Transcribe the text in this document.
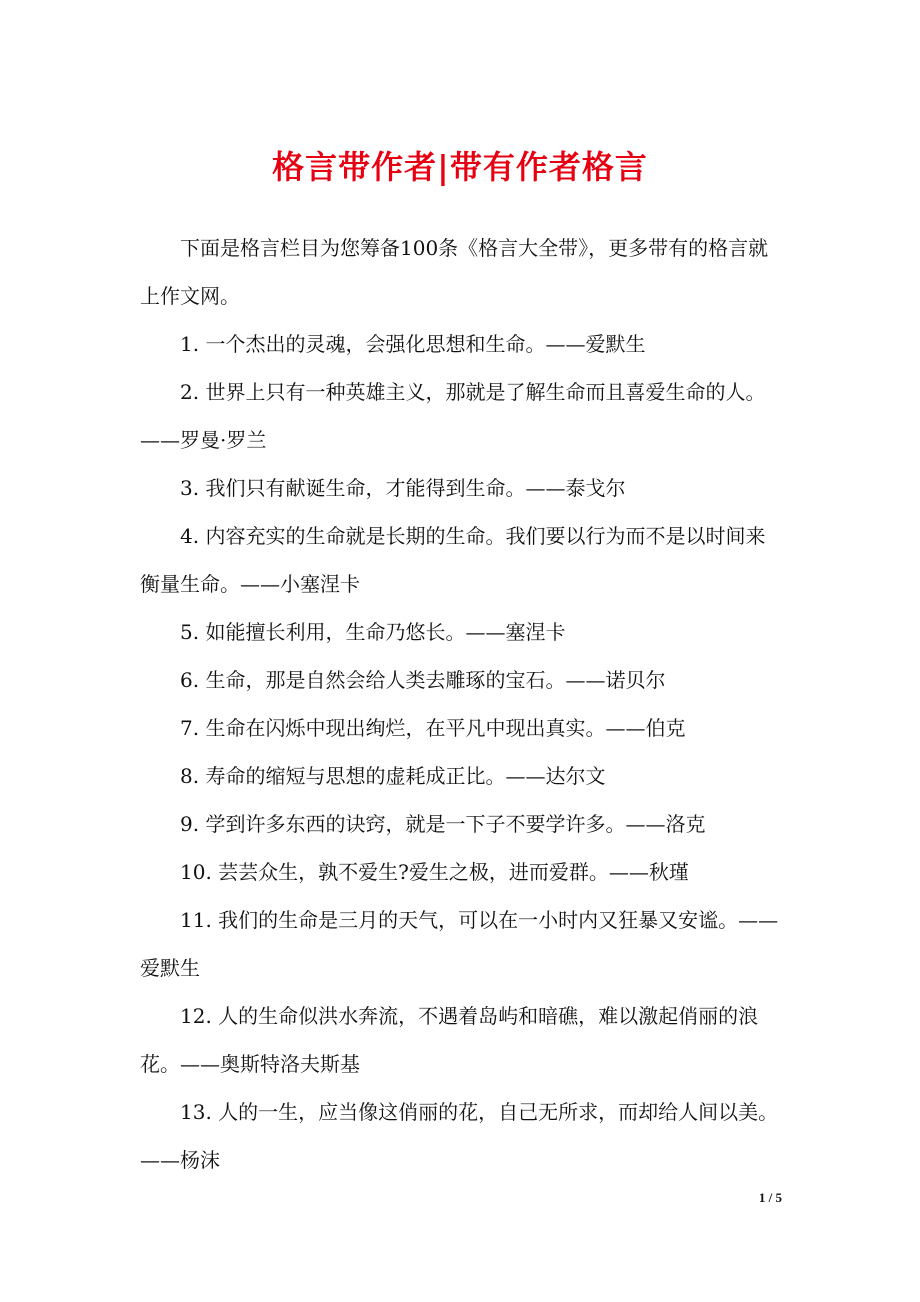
格言带作者|带有作者格言

下面是格言栏目为您筹备100条《格言大全带》，更多带有的格言就上作文网。

1. 一个杰出的灵魂，会强化思想和生命。——爱默生

2. 世界上只有一种英雄主义，那就是了解生命而且喜爱生命的人。——罗曼·罗兰

3. 我们只有献诞生命，才能得到生命。——泰戈尔

4. 内容充实的生命就是长期的生命。我们要以行为而不是以时间来衡量生命。——小塞涅卡

5. 如能擅长利用，生命乃悠长。——塞涅卡

6. 生命，那是自然会给人类去雕琢的宝石。——诺贝尔

7. 生命在闪烁中现出绚烂，在平凡中现出真实。——伯克

8. 寿命的缩短与思想的虚耗成正比。——达尔文

9. 学到许多东西的诀窍，就是一下子不要学许多。——洛克

10. 芸芸众生，孰不爱生?爱生之极，进而爱群。——秋瑾

11. 我们的生命是三月的天气，可以在一小时内又狂暴又安谧。——爱默生

12. 人的生命似洪水奔流，不遇着岛屿和暗礁，难以激起俏丽的浪花。——奥斯特洛夫斯基

13. 人的一生，应当像这俏丽的花，自己无所求，而却给人间以美。——杨沫

1 / 5
